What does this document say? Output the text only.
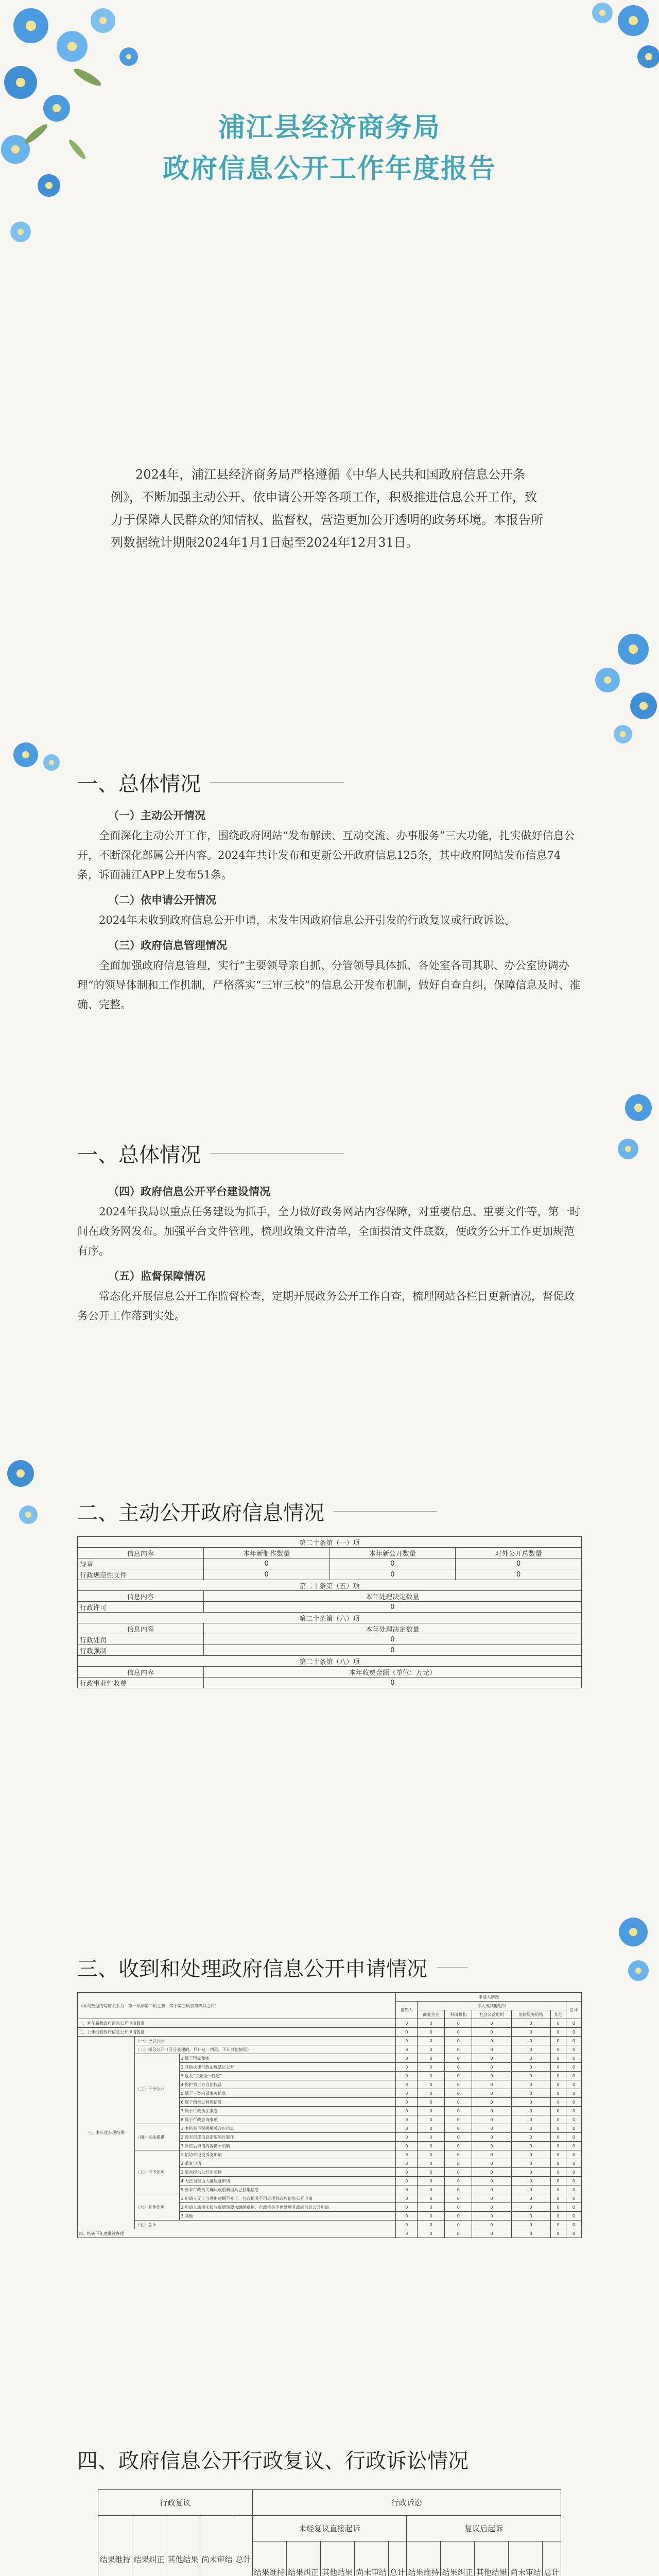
浦江县经济商务局
政府信息公开工作年度报告

　　2024年，浦江县经济商务局严格遵循《中华人民共和国政府信息公开条例》，不断加强主动公开、依申请公开等各项工作，积极推进信息公开工作，致力于保障人民群众的知情权、监督权，营造更加公开透明的政务环境。本报告所列数据统计期限2024年1月1日起至2024年12月31日。

一、总体情况
（一）主动公开情况

全面深化主动公开工作，围绕政府网站“发布解读、互动交流、办事服务”三大功能，扎实做好信息公开，不断深化部属公开内容。2024年共计发布和更新公开政府信息125条，其中政府网站发布信息74条，诉面浦江APP上发布51条。

（二）依申请公开情况

2024年未收到政府信息公开申请，未发生因政府信息公开引发的行政复议或行政诉讼。

（三）政府信息管理情况

全面加强政府信息管理，实行“主要领导亲自抓、分管领导具体抓、各处室各司其职、办公室协调办理”的领导体制和工作机制，严格落实“三审三校”的信息公开发布机制，做好自查自纠，保障信息及时、准确、完整。

一、总体情况
（四）政府信息公开平台建设情况

2024年我局以重点任务建设为抓手，全力做好政务网站内容保障，对重要信息、重要文件等，第一时间在政务网发布。加强平台文件管理，梳理政策文件清单，全面摸清文件底数，便政务公开工作更加规范有序。

（五）监督保障情况

常态化开展信息公开工作监督检查，定期开展政务公开工作自查，梳理网站各栏目更新情况，督促政务公开工作落到实处。

二、主动公开政府信息情况
第二十条第（一）项			
信息内容	本年新制作数量	本年新公开数量	对外公开总数量
规章	0	0	0
行政规范性文件	0	0	0
第二十条第（五）项			
信息内容	本年处理决定数量		
行政许可	0		
第二十条第（六）项			
信息内容	本年处理决定数量		
行政处罚	0		
行政强制	0		
第二十条第（八）项			
信息内容	本年收费金额（单位：万元）		
行政事业性收费	0		
三、收到和处理政府信息公开申请情况
（本列数据的勾稽关系为：第一项加第二项之和，等于第三项加第四项之和）			申请人情况						
			自然人	法人或其他组织					总计
				商业企业	科研机构	社会公益组织	法律服务机构	其他	
一、本年新收政府信息公开申请数量			0	0	0	0	0	0	0
二、上年结转政府信息公开申请数量			0	0	0	0	0	0	0
三、本年度办理结果	（一）予以公开		0	0	0	0	0	0	0
	（二）部分公开（区分处理的，只计这一情形，不计其他情形）		0	0	0	0	0	0	0
	（三）不予公开	1.属于国家秘密	0	0	0	0	0	0	0
		2.其他法律行政法规禁止公开	0	0	0	0	0	0	0
		3.危及“三安全一稳定”	0	0	0	0	0	0	0
		4.保护第三方合法权益	0	0	0	0	0	0	0
		5.属于三类内部事务信息	0	0	0	0	0	0	0
		6.属于四类过程性信息	0	0	0	0	0	0	0
		7.属于行政执法案卷	0	0	0	0	0	0	0
		8.属于行政查询事项	0	0	0	0	0	0	0
	（四）无法提供	1.本机关不掌握相关政府信息	0	0	0	0	0	0	0
		2.没有现成信息需要另行制作	0	0	0	0	0	0	0
		3.补正后申请内容仍不明确	0	0	0	0	0	0	0
	（五）不予处理	1.信访举报投诉类申请	0	0	0	0	0	0	0
		2.重复申请	0	0	0	0	0	0	0
		3.要求提供公开出版物	0	0	0	0	0	0	0
		4.无正当理由大量反复申请	0	0	0	0	0	0	0
		5.要求行政机关确认或重新出具已获取信息	0	0	0	0	0	0	0
	（六）其他处理	1.申请人无正当理由逾期不补正、行政机关不再处理其政府信息公开申请	0	0	0	0	0	0	0
		2.申请人逾期未按收费通知要求缴纳费用、行政机关不再处理其政府信息公开申请	0	0	0	0	0	0	0
		3.其他	0	0	0	0	0	0	0
	（七）总计		0	0	0	0	0	0	0
四、结转下年度继续办理			0	0	0	0	0	0	0
四、政府信息公开行政复议、行政诉讼情况
行政复议					行政诉讼									
结果维持	结果纠正	其他结果	尚未审结	总计	未经复议直接起诉					复议后起诉				
					结果维持	结果纠正	其他结果	尚未审结	总计	结果维持	结果纠正	其他结果	尚未审结	总计
